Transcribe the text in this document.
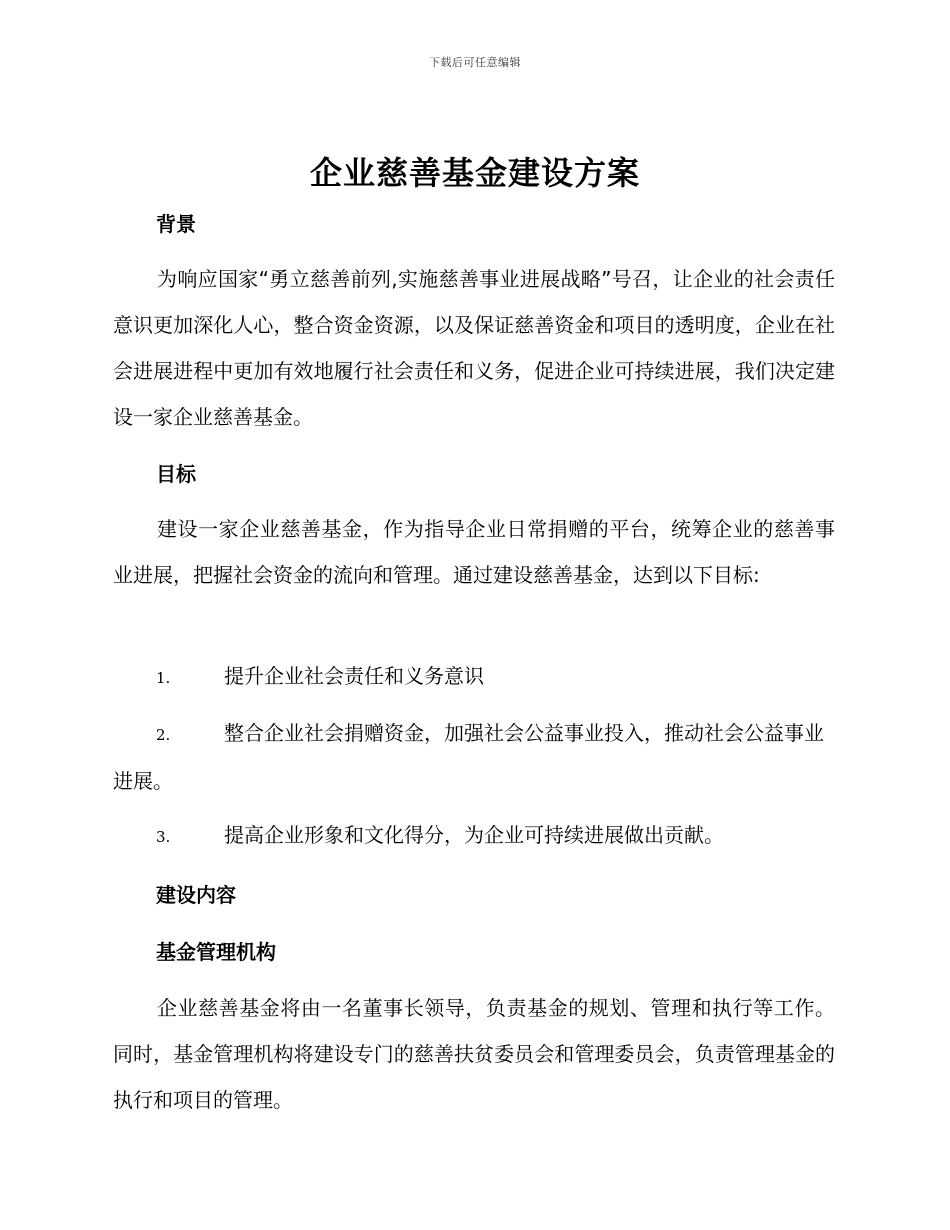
下载后可任意编辑
企业慈善基金建设方案
背景

为响应国家“勇立慈善前列,实施慈善事业进展战略”号召，让企业的社会责任意识更加深化人心，整合资金资源，以及保证慈善资金和项目的透明度，企业在社会进展进程中更加有效地履行社会责任和义务，促进企业可持续进展，我们决定建设一家企业慈善基金。

目标

建设一家企业慈善基金，作为指导企业日常捐赠的平台，统筹企业的慈善事业进展，把握社会资金的流向和管理。通过建设慈善基金，达到以下目标:

1.	提升企业社会责任和义务意识

2.	整合企业社会捐赠资金，加强社会公益事业投入，推动社会公益事业进展。

3.	提高企业形象和文化得分，为企业可持续进展做出贡献。

建设内容
基金管理机构

企业慈善基金将由一名董事长领导，负责基金的规划、管理和执行等工作。同时，基金管理机构将建设专门的慈善扶贫委员会和管理委员会，负责管理基金的执行和项目的管理。
